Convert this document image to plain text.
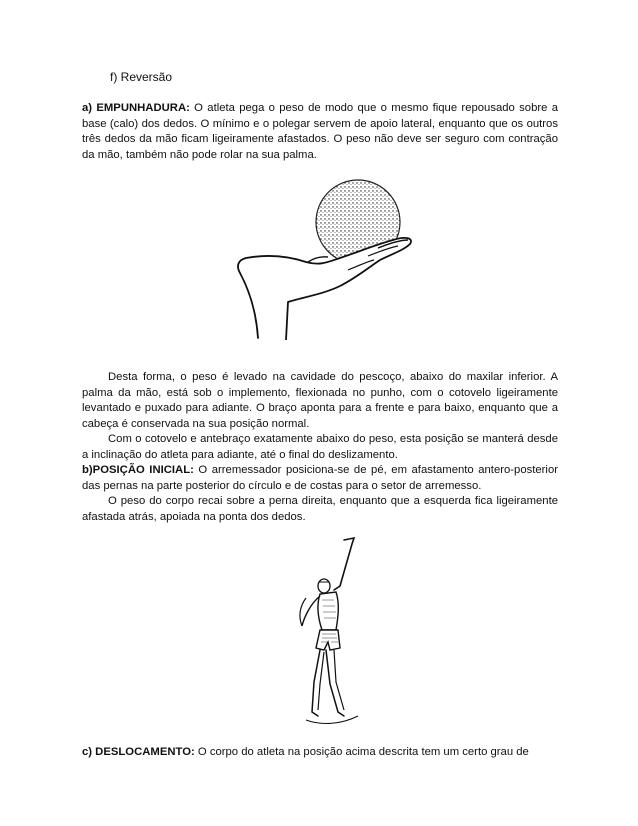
f) Reversão
a) EMPUNHADURA: O atleta pega o peso de modo que o mesmo fique repousado sobre a base (calo) dos dedos. O mínimo e o polegar servem de apoio lateral, enquanto que os outros três dedos da mão ficam ligeiramente afastados. O peso não deve ser seguro com contração da mão, também não pode rolar na sua palma.
Desta forma, o peso é levado na cavidade do pescoço, abaixo do maxilar inferior. A palma da mão, está sob o implemento, flexionada no punho, com o cotovelo ligeiramente levantado e puxado para adiante. O braço aponta para a frente e para baixo, enquanto que a cabeça é conservada na sua posição normal.
Com o cotovelo e antebraço exatamente abaixo do peso, esta posição se manterá desde a inclinação do atleta para adiante, até o final do deslizamento.
b)POSIÇÃO INICIAL: O arremessador posiciona-se de pé, em afastamento antero-posterior das pernas na parte posterior do círculo e de costas para o setor de arremesso.
O peso do corpo recai sobre a perna direita, enquanto que a esquerda fica ligeiramente afastada atrás, apoiada na ponta dos dedos.
c) DESLOCAMENTO: O corpo do atleta na posição acima descrita tem um certo grau de
